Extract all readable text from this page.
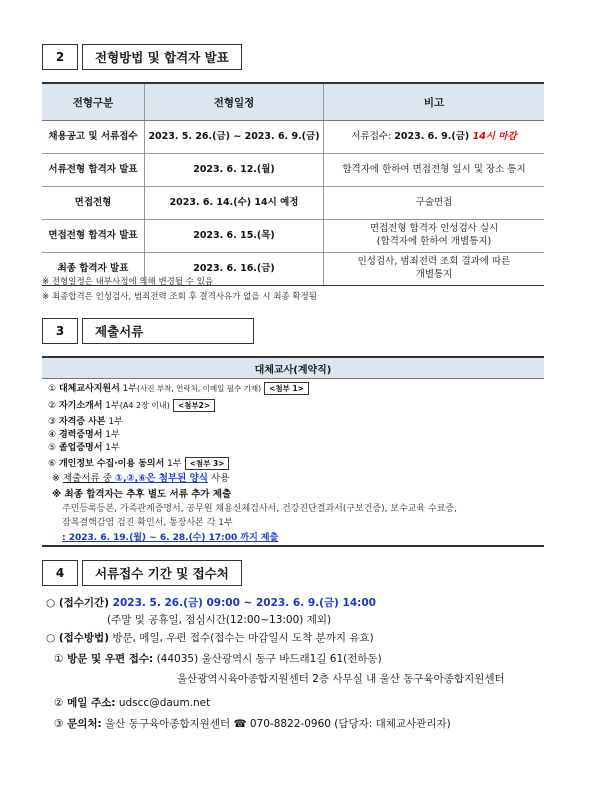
2	전형방법 및 합격자 발표
전형구분	전형일정	비고
채용공고 및 서류접수	2023. 5. 26.(금) ~ 2023. 6. 9.(금)	서류접수: 2023. 6. 9.(금) 14시 마감
서류전형 합격자 발표	2023. 6. 12.(월)	합격자에 한하여 면접전형 일시 및 장소 통지
면접전형	2023. 6. 14.(수) 14시 예정	구술면접
면접전형 합격자 발표	2023. 6. 15.(목)	면접전형 합격자 인성검사 실시
(합격자에 한하여 개별통지)
최종 합격자 발표	2023. 6. 16.(금)	인성검사, 범죄전력 조회 결과에 따른
개별통지
※ 전형일정은 내부사정에 의해 변경될 수 있음
※ 최종합격은 인성검사, 범죄전력 조회 후 결격사유가 없을 시 최종 확정됨
3	제출서류
대체교사(계약직)
① 대체교사지원서 1부(사진 부착, 연락처, 이메일 필수 기재) <첨부 1>
② 자기소개서 1부(A4 2장 이내) <첨부2>
③ 자격증 사본 1부
④ 경력증명서 1부
⑤ 졸업증명서 1부
⑥ 개인정보 수집·이용 동의서 1부 <첨부 3>
※ 제출서류 중 ①,②,⑥은 첨부된 양식 사용
※ 최종 합격자는 추후 별도 서류 추가 제출
주민등록등본, 가족관계증명서, 공무원 채용신체검사서, 건강진단결과서(구보건증), 보수교육 수료증,
잠복결핵감염 검진 확인서, 통장사본 각 1부
: 2023. 6. 19.(월) ~ 6. 28.(수) 17:00 까지 제출
4	서류접수 기간 및 접수처
○ (접수기간) 2023. 5. 26.(금) 09:00 ~ 2023. 6. 9.(금) 14:00
(주말 및 공휴일, 점심시간(12:00~13:00) 제외)
○ (접수방법) 방문, 메일, 우편 접수(접수는 마감일시 도착 분까지 유효)
① 방문 및 우편 접수: (44035) 울산광역시 동구 바드래1길 61(전하동)
울산광역시육아종합지원센터 2층 사무실 내 울산 동구육아종합지원센터
② 메일 주소: udscc@daum.net
③ 문의처: 울산 동구육아종합지원센터 ☎ 070-8822-0960 (담당자: 대체교사관리자)
